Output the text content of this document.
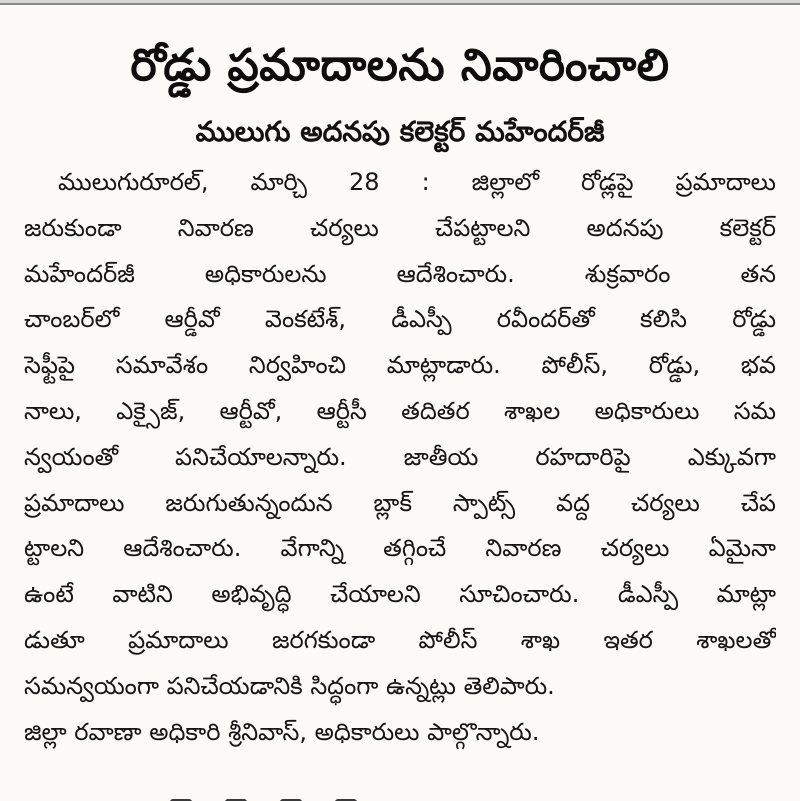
రోడ్డు ప్రమాదాలను నివారించాలి
ములుగు అదనపు కలెక్టర్ మహేందర్‌జీ
ములుగురూరల్, మార్చి 28 : జిల్లాలో రోడ్లపై ప్రమాదాలు
జరుకుండా నివారణ చర్యలు చేపట్టాలని అదనపు కలెక్టర్
మహేందర్‌జీ అధికారులను ఆదేశించారు. శుక్రవారం తన
చాంబర్‌లో ఆర్డీవో వెంకటేశ్, డీఎస్పీ రవీందర్‌తో కలిసి రోడ్డు
సెఫ్టీపై సమావేశం నిర్వహించి మాట్లాడారు. పోలీస్, రోడ్డు, భవ
నాలు, ఎక్సైజ్, ఆర్టీవో, ఆర్టీసీ తదితర శాఖల అధికారులు సమ
న్వయంతో పనిచేయాలన్నారు. జాతీయ రహదారిపై ఎక్కువగా
ప్రమాదాలు జరుగుతున్నందున బ్లాక్ స్పాట్స్ వద్ద చర్యలు చేప
ట్టాలని ఆదేశించారు. వేగాన్ని తగ్గించే నివారణ చర్యలు ఏమైనా
ఉంటే వాటిని అభివృద్ధి చేయాలని సూచించారు. డీఎస్పీ మాట్లా
డుతూ ప్రమాదాలు జరగకుండా పోలీస్ శాఖ ఇతర శాఖలతో
సమన్వయంగా పనిచేయడానికి సిద్ధంగా ఉన్నట్లు తెలిపారు.
జిల్లా రవాణా అధికారి శ్రీనివాస్, అధికారులు పాల్గొన్నారు.
